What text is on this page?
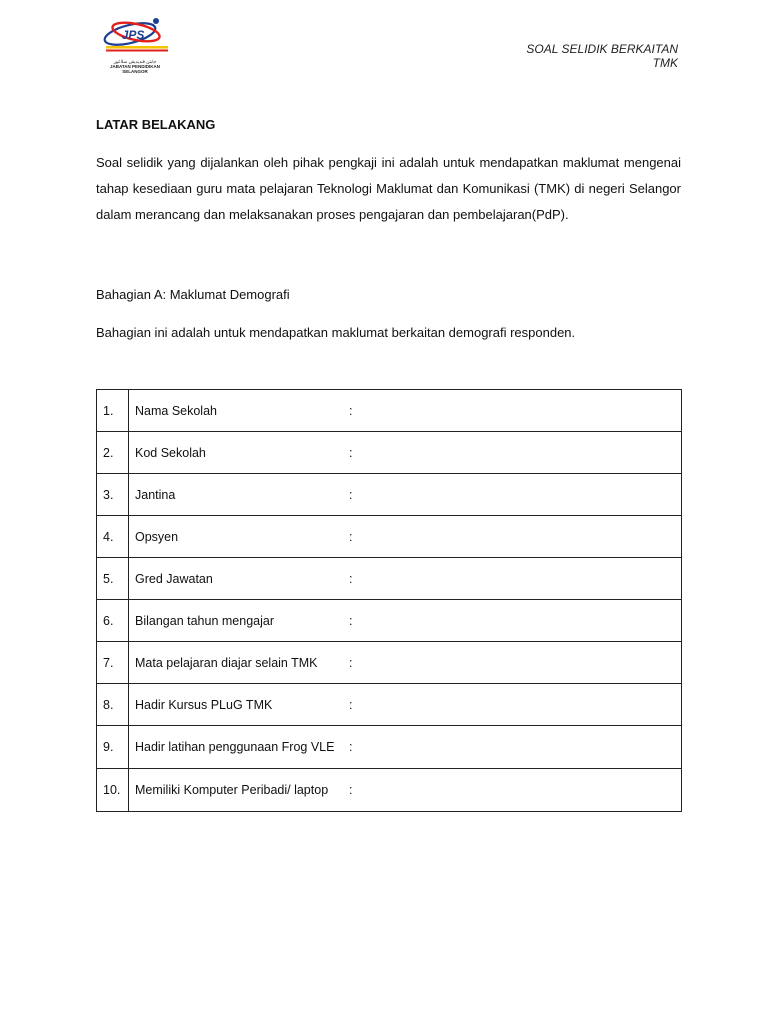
JPS
جابتن ڤنديديقن سلاڠور
JABATAN PENDIDIKAN SELANGOR
SOAL SELIDIK BERKAITAN TMK
LATAR BELAKANG

Soal selidik yang dijalankan oleh pihak pengkaji ini adalah untuk mendapatkan maklumat mengenai tahap kesediaan guru mata pelajaran Teknologi Maklumat dan Komunikasi (TMK) di negeri Selangor dalam merancang dan melaksanakan proses pengajaran dan pembelajaran(PdP).

Bahagian A: Maklumat Demografi
Bahagian ini adalah untuk mendapatkan maklumat berkaitan demografi responden.
1.	Nama Sekolah	:
2.	Kod Sekolah	:
3.	Jantina	:
4.	Opsyen	:
5.	Gred Jawatan	:
6.	Bilangan tahun mengajar	:
7.	Mata pelajaran diajar selain TMK	:
8.	Hadir Kursus PLuG TMK	:
9.	Hadir latihan penggunaan Frog VLE	:
10.	Memiliki Komputer Peribadi/ laptop	:
